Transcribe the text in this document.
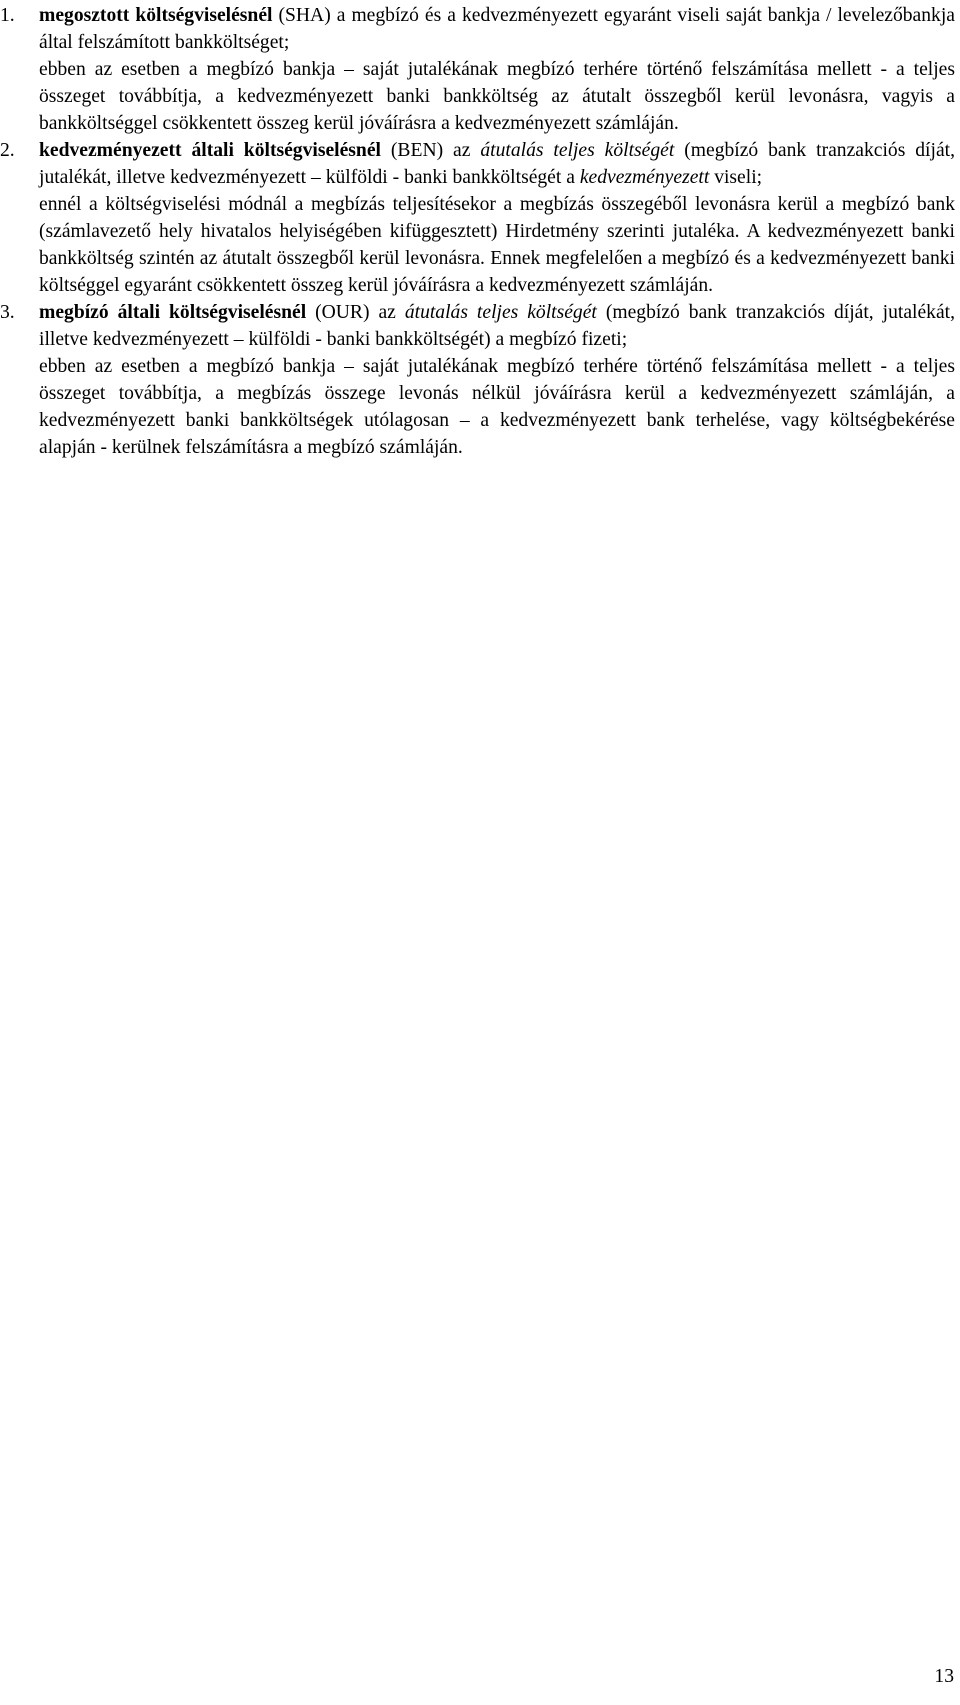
1. megosztott költségviselésnél (SHA) a megbízó és a kedvezményezett egyaránt viseli saját bankja / levelezőbankja által felszámított bankköltséget;

ebben az esetben a megbízó bankja – saját jutalékának megbízó terhére történő felszámítása mellett - a teljes összeget továbbítja, a kedvezményezett banki bankköltség az átutalt összegből kerül levonásra, vagyis a bankköltséggel csökkentett összeg kerül jóváírásra a kedvezményezett számláján.

2. kedvezményezett általi költségviselésnél (BEN) az átutalás teljes költségét (megbízó bank tranzakciós díját, jutalékát, illetve kedvezményezett – külföldi - banki bankköltségét a kedvezményezett viseli;

ennél a költségviselési módnál a megbízás teljesítésekor a megbízás összegéből levonásra kerül a megbízó bank (számlavezető hely hivatalos helyiségében kifüggesztett) Hirdetmény szerinti jutaléka. A kedvezményezett banki bankköltség szintén az átutalt összegből kerül levonásra. Ennek megfelelően a megbízó és a kedvezményezett banki költséggel egyaránt csökkentett összeg kerül jóváírásra a kedvezményezett számláján.

3. megbízó általi költségviselésnél (OUR) az átutalás teljes költségét (megbízó bank tranzakciós díját, jutalékát, illetve kedvezményezett – külföldi - banki bankköltségét) a megbízó fizeti;

ebben az esetben a megbízó bankja – saját jutalékának megbízó terhére történő felszámítása mellett - a teljes összeget továbbítja, a megbízás összege levonás nélkül jóváírásra kerül a kedvezményezett számláján, a kedvezményezett banki bankköltségek utólagosan – a kedvezményezett bank terhelése, vagy költségbekérése alapján - kerülnek felszámításra a megbízó számláján.

13
